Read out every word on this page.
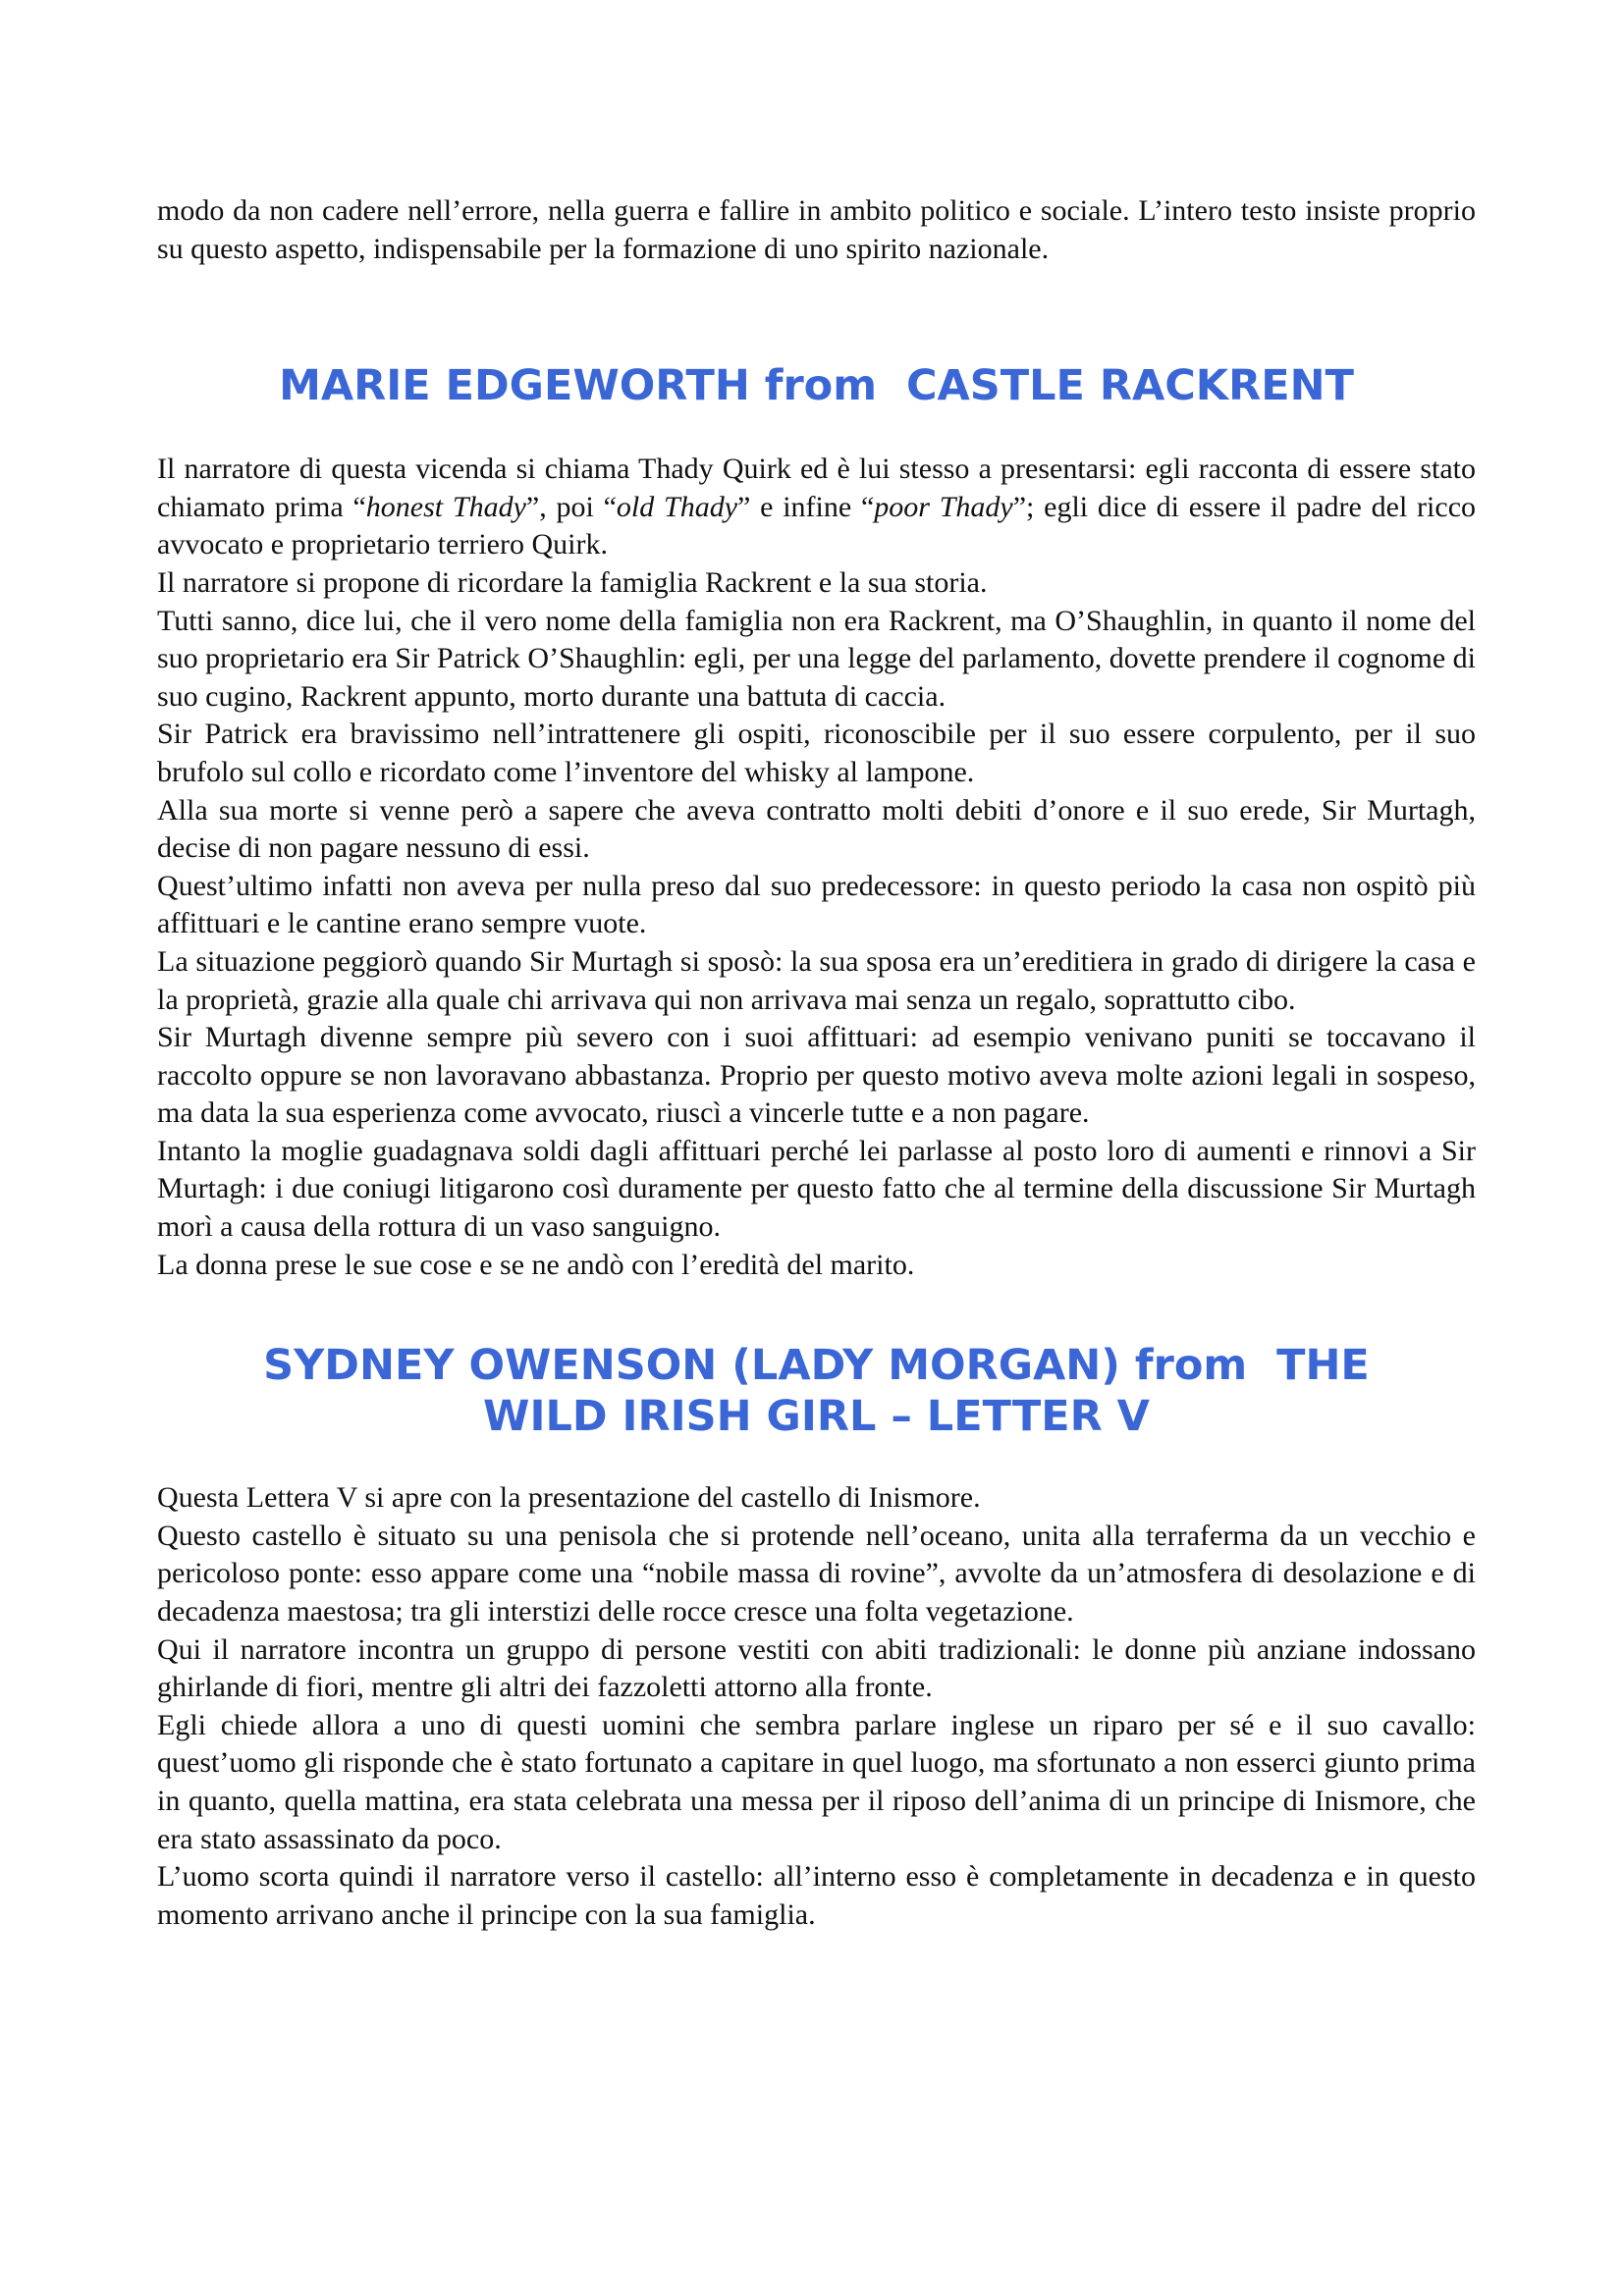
modo da non cadere nell’errore, nella guerra e fallire in ambito politico e sociale. L’intero testo insiste proprio su questo aspetto, indispensabile per la formazione di uno spirito nazionale.

MARIE EDGEWORTH from  CASTLE RACKRENT

Il narratore di questa vicenda si chiama Thady Quirk ed è lui stesso a presentarsi: egli racconta di essere stato chiamato prima “honest Thady”, poi “old Thady” e infine “poor Thady”; egli dice di essere il padre del ricco avvocato e proprietario terriero Quirk.

Il narratore si propone di ricordare la famiglia Rackrent e la sua storia.

Tutti sanno, dice lui, che il vero nome della famiglia non era Rackrent, ma O’Shaughlin, in quanto il nome del suo proprietario era Sir Patrick O’Shaughlin: egli, per una legge del parlamento, dovette prendere il cognome di suo cugino, Rackrent appunto, morto durante una battuta di caccia.

Sir Patrick era bravissimo nell’intrattenere gli ospiti, riconoscibile per il suo essere corpulento, per il suo brufolo sul collo e ricordato come l’inventore del whisky al lampone.

Alla sua morte si venne però a sapere che aveva contratto molti debiti d’onore e il suo erede, Sir Murtagh, decise di non pagare nessuno di essi.

Quest’ultimo infatti non aveva per nulla preso dal suo predecessore: in questo periodo la casa non ospitò più affittuari e le cantine erano sempre vuote.

La situazione peggiorò quando Sir Murtagh si sposò: la sua sposa era un’ereditiera in grado di dirigere la casa e la proprietà, grazie alla quale chi arrivava qui non arrivava mai senza un regalo, soprattutto cibo.

Sir Murtagh divenne sempre più severo con i suoi affittuari: ad esempio venivano puniti se toccavano il raccolto oppure se non lavoravano abbastanza. Proprio per questo motivo aveva molte azioni legali in sospeso, ma data la sua esperienza come avvocato, riuscì a vincerle tutte e a non pagare.

Intanto la moglie guadagnava soldi dagli affittuari perché lei parlasse al posto loro di aumenti e rinnovi a Sir Murtagh: i due coniugi litigarono così duramente per questo fatto che al termine della discussione Sir Murtagh morì a causa della rottura di un vaso sanguigno.

La donna prese le sue cose e se ne andò con l’eredità del marito.

SYDNEY OWENSON (LADY MORGAN) from  THE WILD IRISH GIRL – LETTER V

Questa Lettera V si apre con la presentazione del castello di Inismore.

Questo castello è situato su una penisola che si protende nell’oceano, unita alla terraferma da un vecchio e pericoloso ponte: esso appare come una “nobile massa di rovine”, avvolte da un’atmosfera di desolazione e di decadenza maestosa; tra gli interstizi delle rocce cresce una folta vegetazione.

Qui il narratore incontra un gruppo di persone vestiti con abiti tradizionali: le donne più anziane indossano ghirlande di fiori, mentre gli altri dei fazzoletti attorno alla fronte.

Egli chiede allora a uno di questi uomini che sembra parlare inglese un riparo per sé e il suo cavallo: quest’uomo gli risponde che è stato fortunato a capitare in quel luogo, ma sfortunato a non esserci giunto prima in quanto, quella mattina, era stata celebrata una messa per il riposo dell’anima di un principe di Inismore, che era stato assassinato da poco.

L’uomo scorta quindi il narratore verso il castello: all’interno esso è completamente in decadenza e in questo momento arrivano anche il principe con la sua famiglia.
